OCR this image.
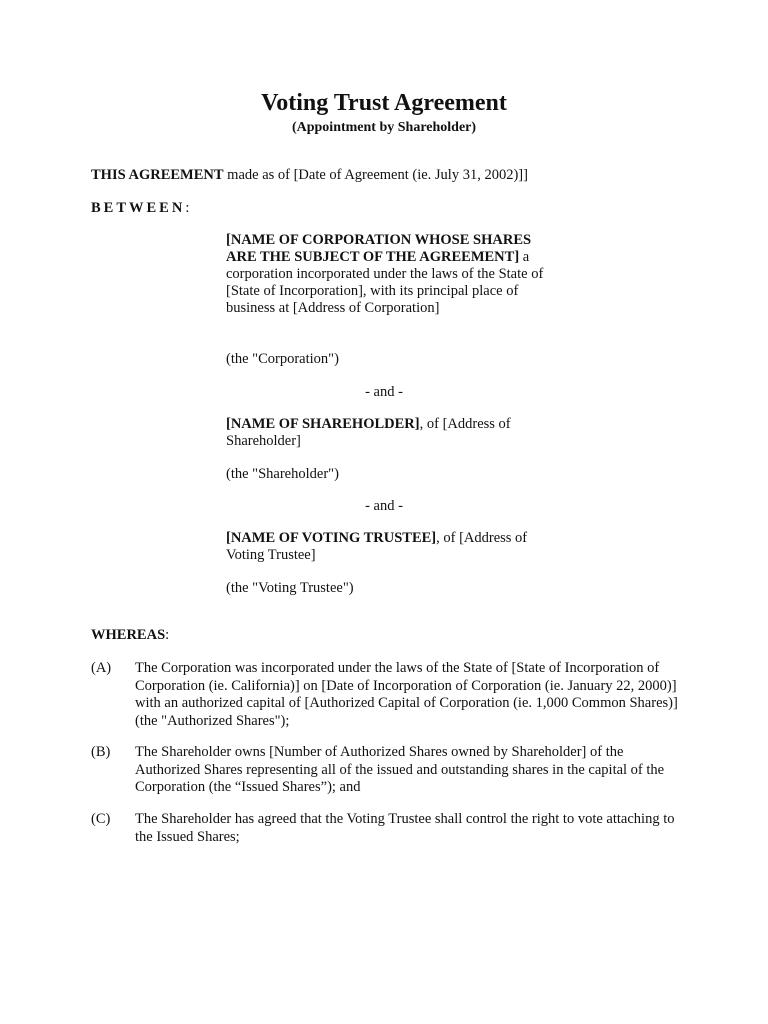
Voting Trust Agreement
(Appointment by Shareholder)
THIS AGREEMENT made as of [Date of Agreement (ie. July 31, 2002)]]
BETWEEN:
[NAME OF CORPORATION WHOSE SHARES ARE THE SUBJECT OF THE AGREEMENT] a corporation incorporated under the laws of the State of [State of Incorporation], with its principal place of business at [Address of Corporation]
(the "Corporation")
- and -
[NAME OF SHAREHOLDER], of [Address of Shareholder]
(the "Shareholder")
- and -
[NAME OF VOTING TRUSTEE], of [Address of Voting Trustee]
(the "Voting Trustee")
WHEREAS:
(A) The Corporation was incorporated under the laws of the State of [State of Incorporation of Corporation (ie. California)] on [Date of Incorporation of Corporation (ie. January 22, 2000)] with an authorized capital of [Authorized Capital of Corporation (ie. 1,000 Common Shares)] (the "Authorized Shares");
(B) The Shareholder owns [Number of Authorized Shares owned by Shareholder] of the Authorized Shares representing all of the issued and outstanding shares in the capital of the Corporation (the “Issued Shares”); and
(C) The Shareholder has agreed that the Voting Trustee shall control the right to vote attaching to the Issued Shares;
